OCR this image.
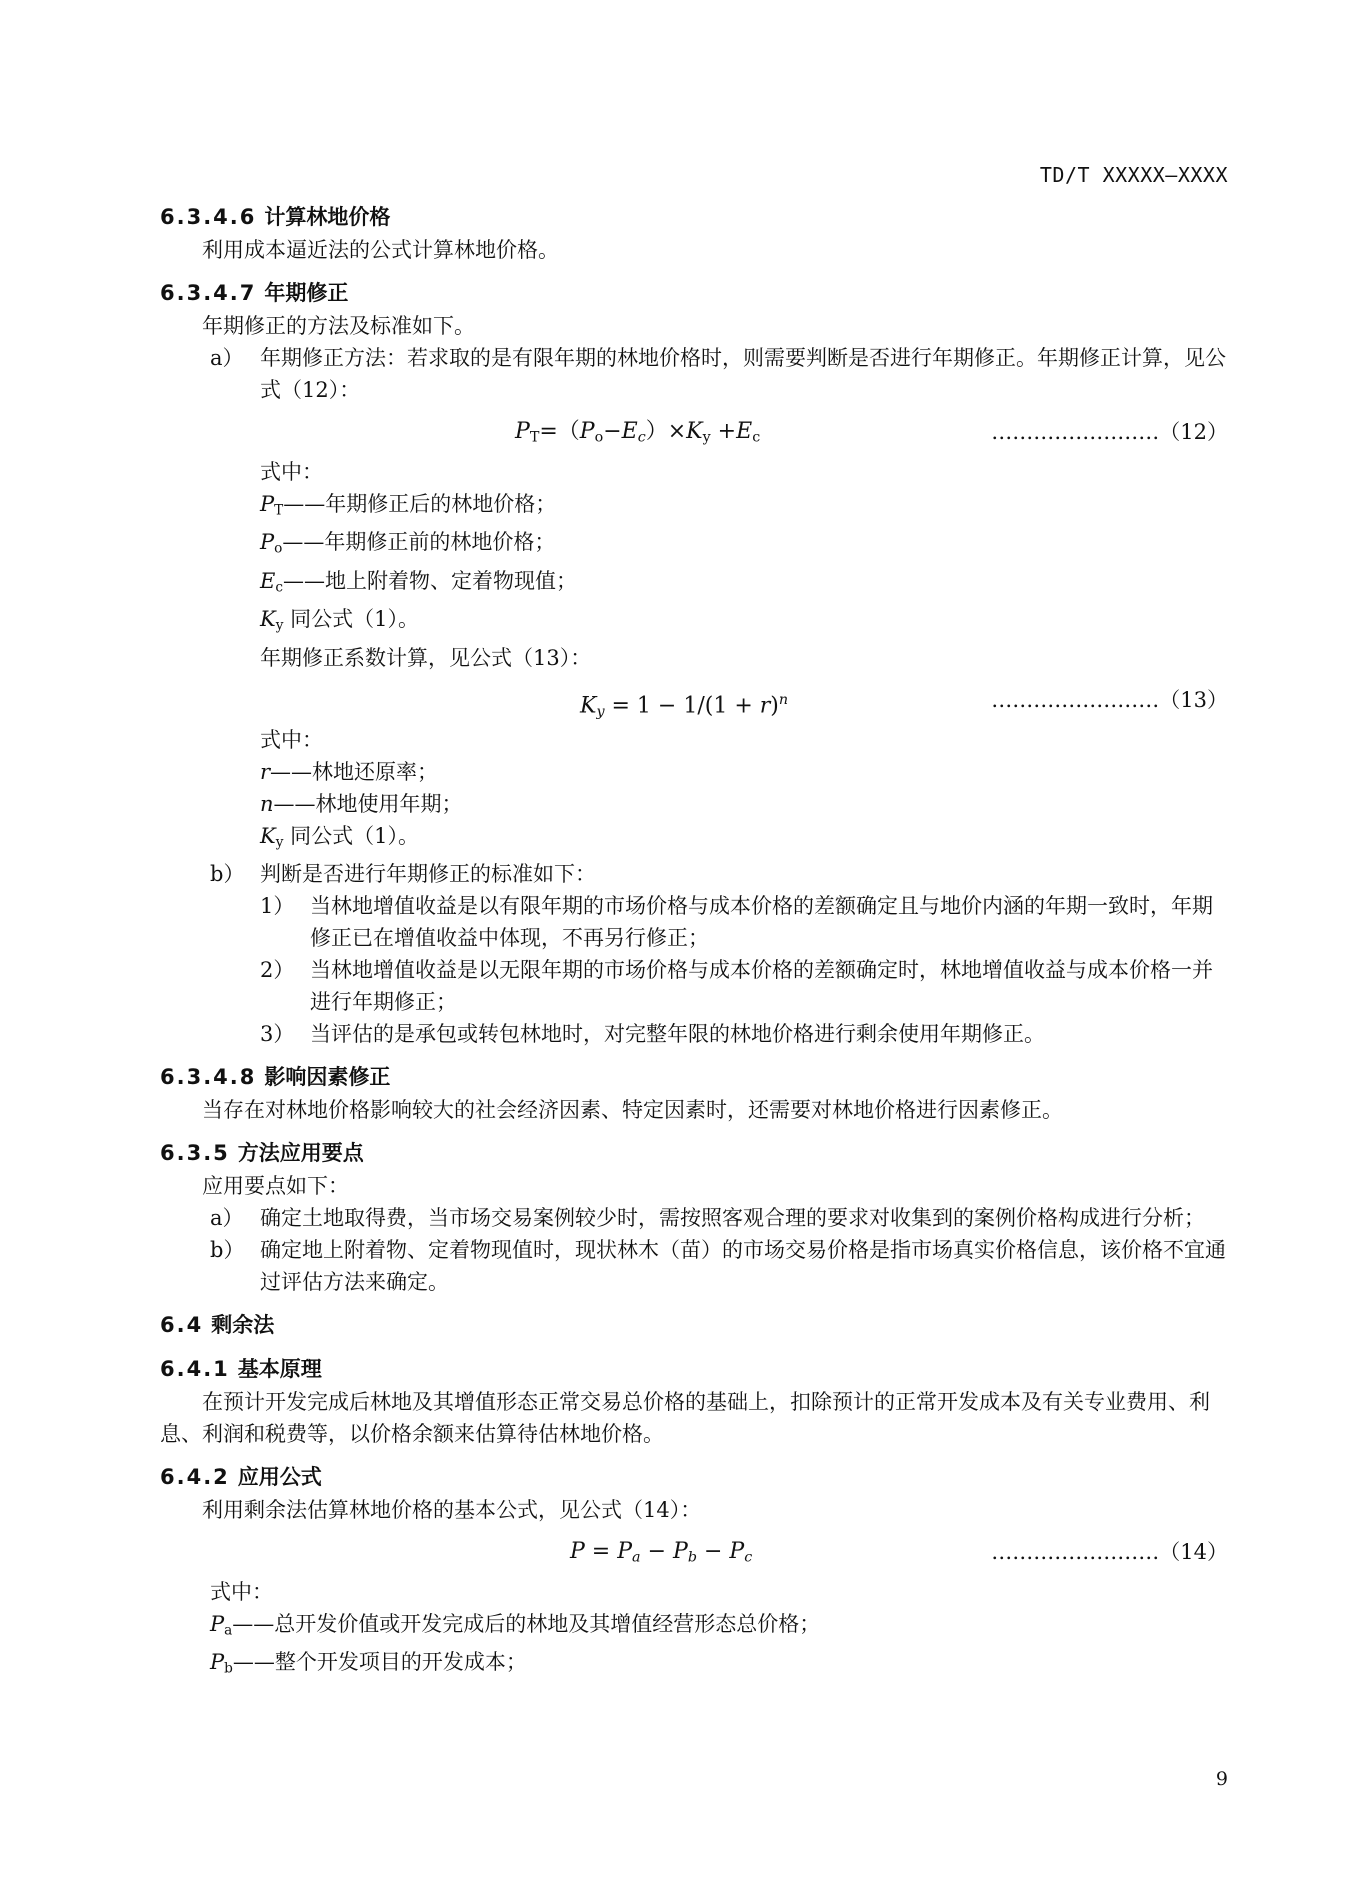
TD/T XXXXX—XXXX
6.3.4.6 计算林地价格

利用成本逼近法的公式计算林地价格。

6.3.4.7 年期修正

年期修正的方法及标准如下。

a） 年期修正方法：若求取的是有限年期的林地价格时，则需要判断是否进行年期修正。年期修正计算，见公式（12）：
$P_T=(P_o-E_c)\times K_y +E_c$	……………………（12）
式中：
$P_T——$年期修正后的林地价格；
$P_o——$年期修正前的林地价格；
$E_c——$地上附着物、定着物现值；
$K_y$ 同公式（1）。
年期修正系数计算，见公式（13）：
$K_y = 1 - 1/(1 + r)^n$	……………………（13）
式中：
r——林地还原率；
n——林地使用年期；
$K_y$ 同公式（1）。
b） 判断是否进行年期修正的标准如下：
1） 当林地增值收益是以有限年期的市场价格与成本价格的差额确定且与地价内涵的年期一致时，年期修正已在增值收益中体现，不再另行修正；
2） 当林地增值收益是以无限年期的市场价格与成本价格的差额确定时，林地增值收益与成本价格一并进行年期修正；
3） 当评估的是承包或转包林地时，对完整年限的林地价格进行剩余使用年期修正。
6.3.4.8 影响因素修正

当存在对林地价格影响较大的社会经济因素、特定因素时，还需要对林地价格进行因素修正。

6.3.5 方法应用要点

应用要点如下：

a） 确定土地取得费，当市场交易案例较少时，需按照客观合理的要求对收集到的案例价格构成进行分析；
b） 确定地上附着物、定着物现值时，现状林木（苗）的市场交易价格是指市场真实价格信息，该价格不宜通过评估方法来确定。
6.4 剩余法
6.4.1 基本原理

在预计开发完成后林地及其增值形态正常交易总价格的基础上，扣除预计的正常开发成本及有关专业费用、利息、利润和税费等，以价格余额来估算待估林地价格。

6.4.2 应用公式

利用剩余法估算林地价格的基本公式，见公式（14）：

$P = P_a - P_b - P_c$	……………………（14）
式中：
$P_a——$总开发价值或开发完成后的林地及其增值经营形态总价格；
$P_b——$整个开发项目的开发成本；
9
